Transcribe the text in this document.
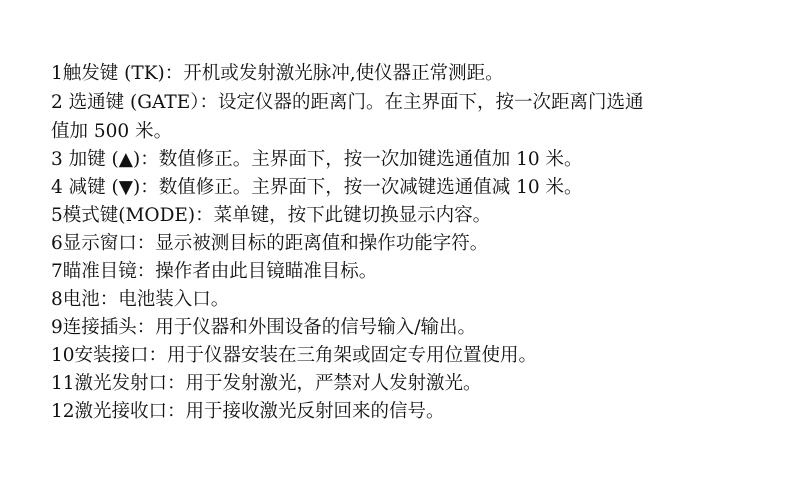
1触发键 (TK)：开机或发射激光脉冲,使仪器正常测距。
2 选通键 (GATE）：设定仪器的距离门。在主界面下，按一次距离门选通
值加 500 米。
3 加键 (▲)：数值修正。主界面下，按一次加键选通值加 10 米。
4 减键 (▼)：数值修正。主界面下，按一次减键选通值减 10 米。
5模式键(MODE)：菜单键，按下此键切换显示内容。
6显示窗口：显示被测目标的距离值和操作功能字符。
7瞄准目镜：操作者由此目镜瞄准目标。
8电池：电池装入口。
9连接插头：用于仪器和外围设备的信号输入/输出。
10安装接口：用于仪器安装在三角架或固定专用位置使用。
11激光发射口：用于发射激光，严禁对人发射激光。
12激光接收口：用于接收激光反射回来的信号。
